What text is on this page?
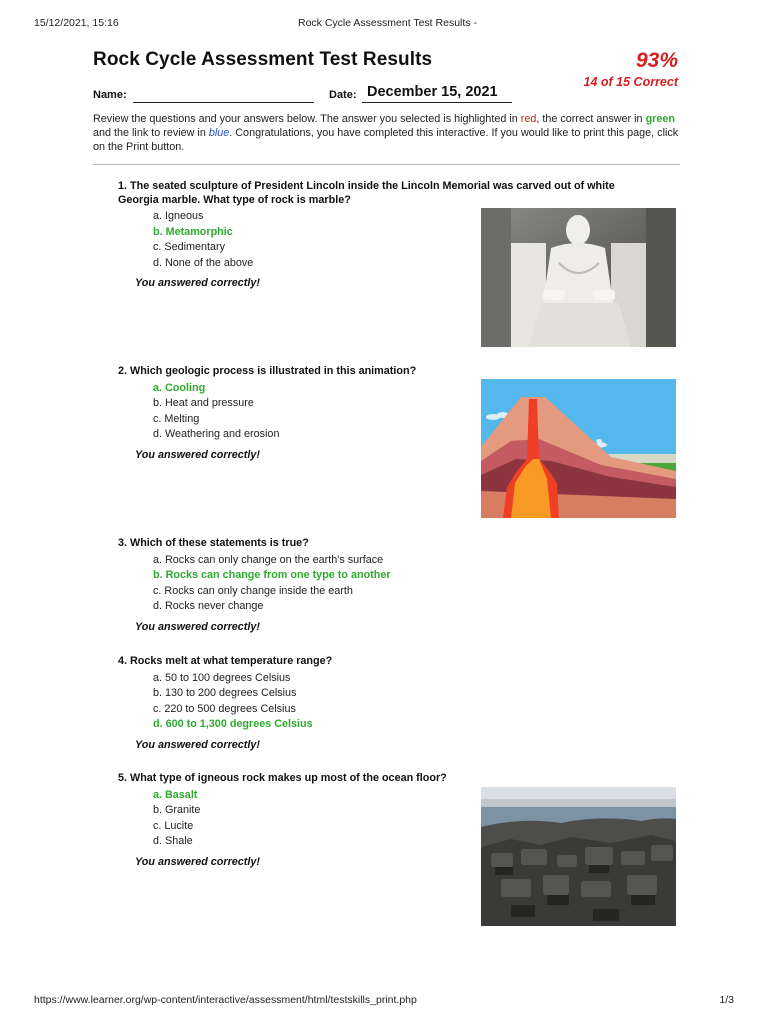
15/12/2021, 15:16	Rock Cycle Assessment Test Results -
Rock Cycle Assessment Test Results	93%
14 of 15 Correct
Name:	Date: December 15, 2021

Review the questions and your answers below. The answer you selected is highlighted in red, the correct answer in green and the link to review in blue. Congratulations, you have completed this interactive. If you would like to print this page, click on the Print button.

1. The seated sculpture of President Lincoln inside the Lincoln Memorial was carved out of white Georgia marble. What type of rock is marble?
a. Igneous
b. Metamorphic
c. Sedimentary
d. None of the above
You answered correctly!
2. Which geologic process is illustrated in this animation?
a. Cooling
b. Heat and pressure
c. Melting
d. Weathering and erosion
You answered correctly!
3. Which of these statements is true?
a. Rocks can only change on the earth's surface
b. Rocks can change from one type to another
c. Rocks can only change inside the earth
d. Rocks never change
You answered correctly!
4. Rocks melt at what temperature range?
a. 50 to 100 degrees Celsius
b. 130 to 200 degrees Celsius
c. 220 to 500 degrees Celsius
d. 600 to 1,300 degrees Celsius
You answered correctly!
5. What type of igneous rock makes up most of the ocean floor?
a. Basalt
b. Granite
c. Lucite
d. Shale
You answered correctly!
https://www.learner.org/wp-content/interactive/assessment/html/testskills_print.php	1/3
